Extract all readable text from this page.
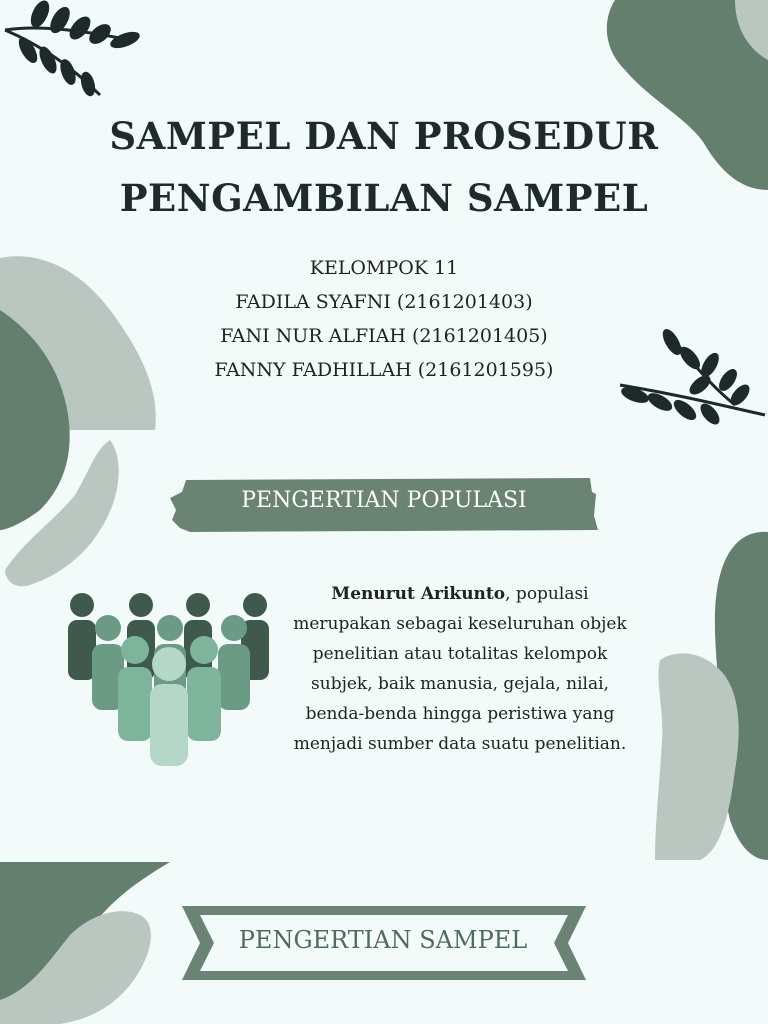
SAMPEL DAN PROSEDUR
PENGAMBILAN SAMPEL
KELOMPOK 11
FADILA SYAFNI (2161201403)
FANI NUR ALFIAH (2161201405)
FANNY FADHILLAH (2161201595)
PENGERTIAN POPULASI
Menurut Arikunto, populasi merupakan sebagai keseluruhan objek penelitian atau totalitas kelompok subjek, baik manusia, gejala, nilai, benda-benda hingga peristiwa yang menjadi sumber data suatu penelitian.
PENGERTIAN SAMPEL
